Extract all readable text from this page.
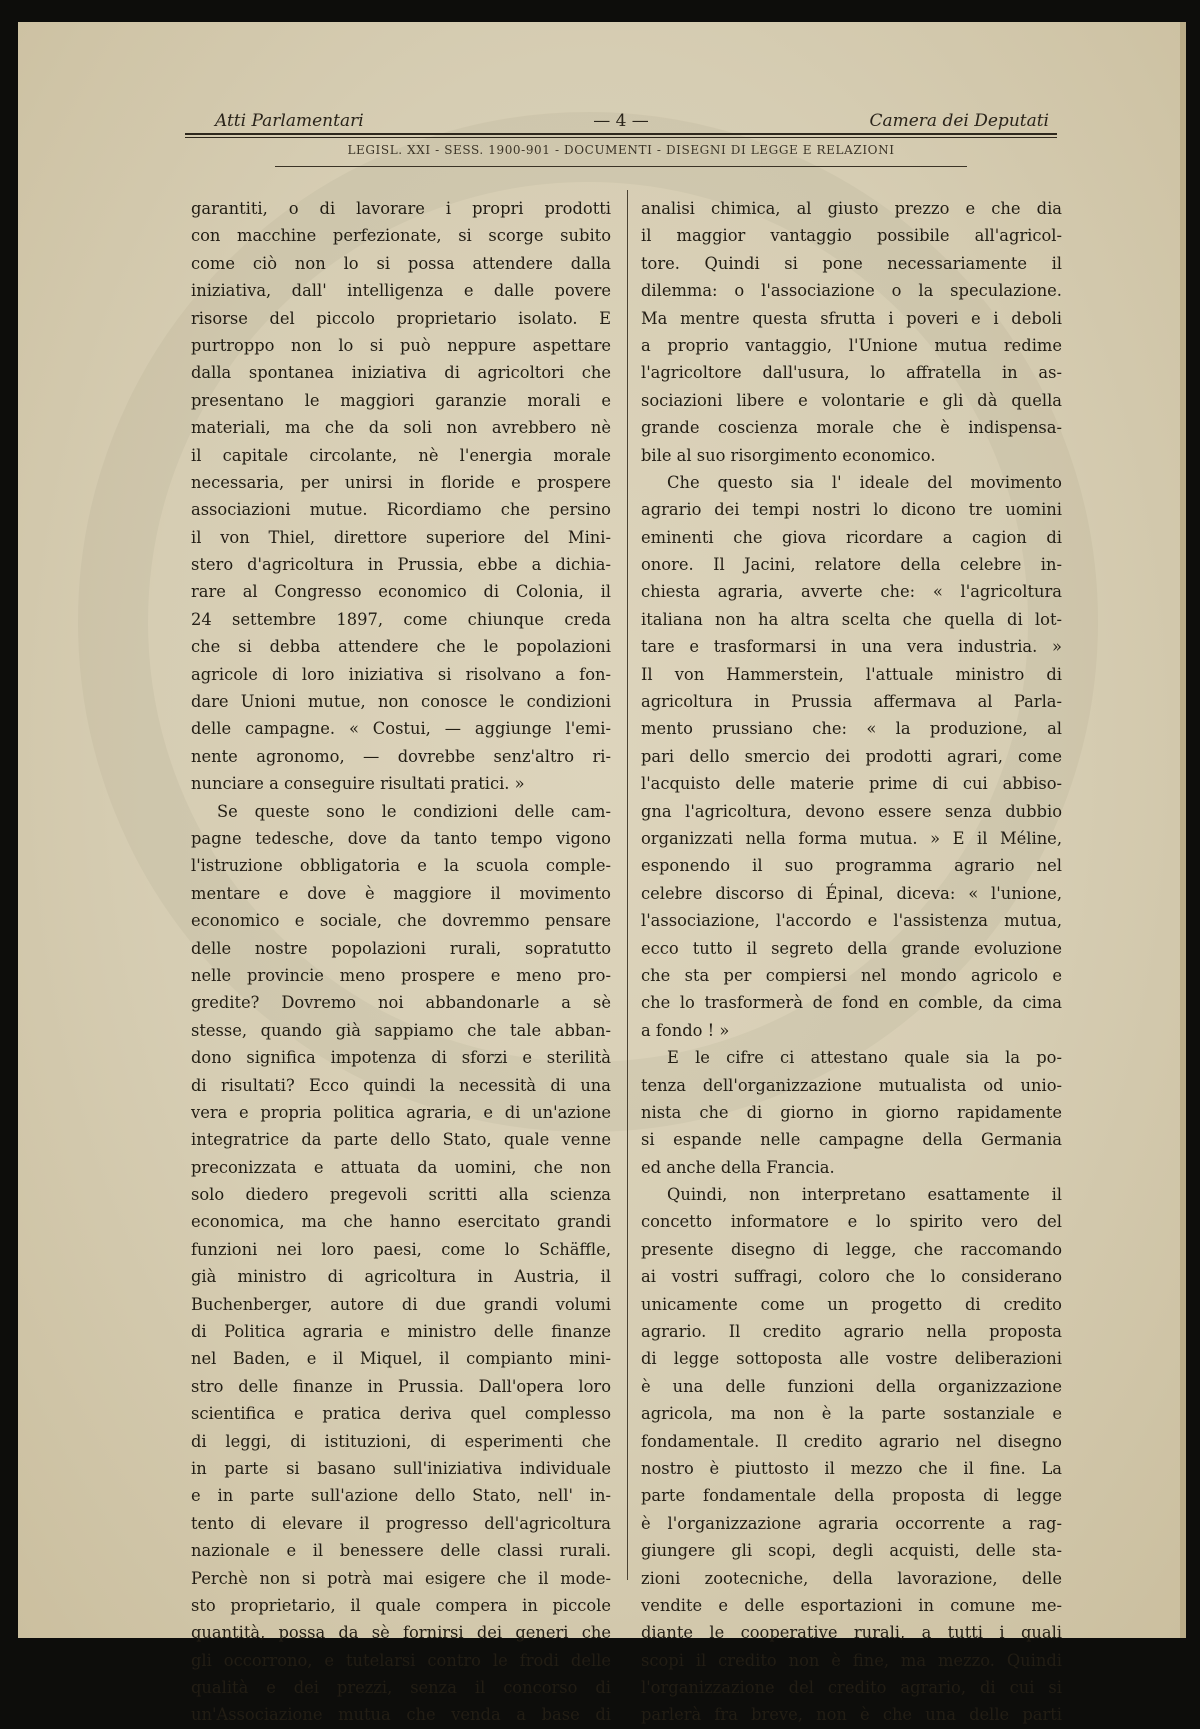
Atti Parlamentari	— 4 —	Camera dei Deputati
LEGISL. XXI - SESS. 1900-901 - DOCUMENTI - DISEGNI DI LEGGE E RELAZIONI
garantiti, o di lavorare i propri prodotti
con macchine perfezionate, si scorge subito
come ciò non lo si possa attendere dalla
iniziativa, dall' intelligenza e dalle povere
risorse del piccolo proprietario isolato. E
purtroppo non lo si può neppure aspettare
dalla spontanea iniziativa di agricoltori che
presentano le maggiori garanzie morali e
materiali, ma che da soli non avrebbero nè
il capitale circolante, nè l'energia morale
necessaria, per unirsi in floride e prospere
associazioni mutue. Ricordiamo che persino
il von Thiel, direttore superiore del Mini-
stero d'agricoltura in Prussia, ebbe a dichia-
rare al Congresso economico di Colonia, il
24 settembre 1897, come chiunque creda
che si debba attendere che le popolazioni
agricole di loro iniziativa si risolvano a fon-
dare Unioni mutue, non conosce le condizioni
delle campagne. « Costui, — aggiunge l'emi-
nente agronomo, — dovrebbe senz'altro ri-
nunciare a conseguire risultati pratici. »
Se queste sono le condizioni delle cam-
pagne tedesche, dove da tanto tempo vigono
l'istruzione obbligatoria e la scuola comple-
mentare e dove è maggiore il movimento
economico e sociale, che dovremmo pensare
delle nostre popolazioni rurali, sopratutto
nelle provincie meno prospere e meno pro-
gredite? Dovremo noi abbandonarle a sè
stesse, quando già sappiamo che tale abban-
dono significa impotenza di sforzi e sterilità
di risultati? Ecco quindi la necessità di una
vera e propria politica agraria, e di un'azione
integratrice da parte dello Stato, quale venne
preconizzata e attuata da uomini, che non
solo diedero pregevoli scritti alla scienza
economica, ma che hanno esercitato grandi
funzioni nei loro paesi, come lo Schäffle,
già ministro di agricoltura in Austria, il
Buchenberger, autore di due grandi volumi
di Politica agraria e ministro delle finanze
nel Baden, e il Miquel, il compianto mini-
stro delle finanze in Prussia. Dall'opera loro
scientifica e pratica deriva quel complesso
di leggi, di istituzioni, di esperimenti che
in parte si basano sull'iniziativa individuale
e in parte sull'azione dello Stato, nell' in-
tento di elevare il progresso dell'agricoltura
nazionale e il benessere delle classi rurali.
Perchè non si potrà mai esigere che il mode-
sto proprietario, il quale compera in piccole
quantità, possa da sè fornirsi dei generi che
gli occorrono, e tutelarsi contro le frodi delle
qualità e dei prezzi, senza il concorso di
un'Associazione mutua che venda a base di
analisi chimica, al giusto prezzo e che dia
il maggior vantaggio possibile all'agricol-
tore. Quindi si pone necessariamente il
dilemma: o l'associazione o la speculazione.
Ma mentre questa sfrutta i poveri e i deboli
a proprio vantaggio, l'Unione mutua redime
l'agricoltore dall'usura, lo affratella in as-
sociazioni libere e volontarie e gli dà quella
grande coscienza morale che è indispensa-
bile al suo risorgimento economico.
Che questo sia l' ideale del movimento
agrario dei tempi nostri lo dicono tre uomini
eminenti che giova ricordare a cagion di
onore. Il Jacini, relatore della celebre in-
chiesta agraria, avverte che: « l'agricoltura
italiana non ha altra scelta che quella di lot-
tare e trasformarsi in una vera industria. »
Il von Hammerstein, l'attuale ministro di
agricoltura in Prussia affermava al Parla-
mento prussiano che: « la produzione, al
pari dello smercio dei prodotti agrari, come
l'acquisto delle materie prime di cui abbiso-
gna l'agricoltura, devono essere senza dubbio
organizzati nella forma mutua. » E il Méline,
esponendo il suo programma agrario nel
celebre discorso di Épinal, diceva: « l'unione,
l'associazione, l'accordo e l'assistenza mutua,
ecco tutto il segreto della grande evoluzione
che sta per compiersi nel mondo agricolo e
che lo trasformerà de fond en comble, da cima
a fondo ! »
E le cifre ci attestano quale sia la po-
tenza dell'organizzazione mutualista od unio-
nista che di giorno in giorno rapidamente
si espande nelle campagne della Germania
ed anche della Francia.
Quindi, non interpretano esattamente il
concetto informatore e lo spirito vero del
presente disegno di legge, che raccomando
ai vostri suffragi, coloro che lo considerano
unicamente come un progetto di credito
agrario. Il credito agrario nella proposta
di legge sottoposta alle vostre deliberazioni
è una delle funzioni della organizzazione
agricola, ma non è la parte sostanziale e
fondamentale. Il credito agrario nel disegno
nostro è piuttosto il mezzo che il fine. La
parte fondamentale della proposta di legge
è l'organizzazione agraria occorrente a rag-
giungere gli scopi, degli acquisti, delle sta-
zioni zootecniche, della lavorazione, delle
vendite e delle esportazioni in comune me-
diante le cooperative rurali, a tutti i quali
scopi il credito non è fine, ma mezzo. Quindi
l'organizzazione del credito agrario, di cui si
parlerà fra breve, non è che una delle parti
